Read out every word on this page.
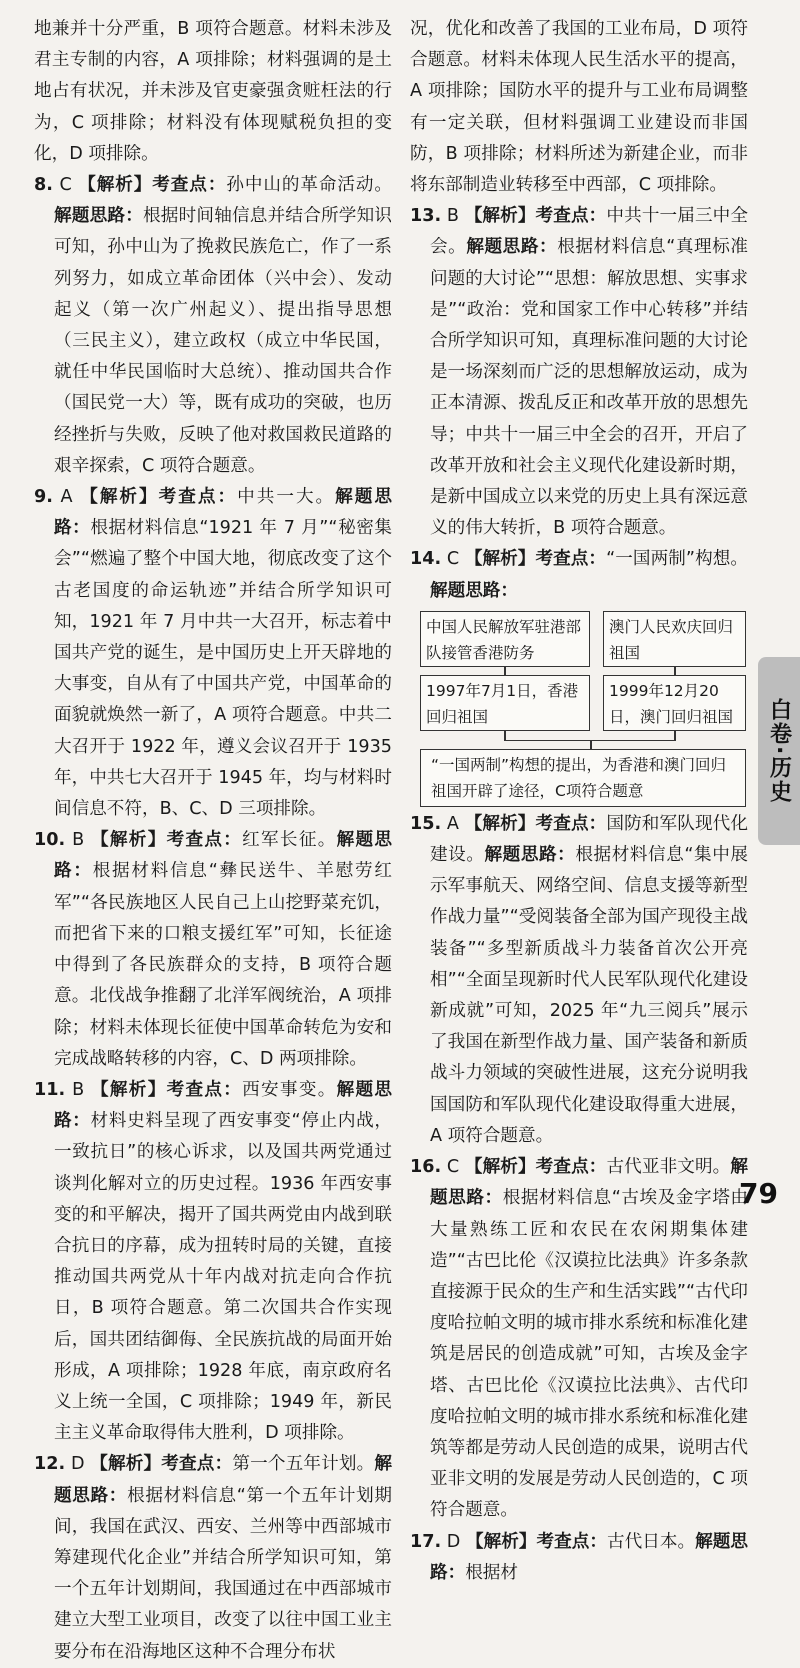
地兼并十分严重，B 项符合题意。材料未涉及君主专制的内容，A 项排除；材料强调的是土地占有状况，并未涉及官吏豪强贪赃枉法的行为，C 项排除；材料没有体现赋税负担的变化，D 项排除。

8. C 【解析】考查点：孙中山的革命活动。解题思路：根据时间轴信息并结合所学知识可知，孙中山为了挽救民族危亡，作了一系列努力，如成立革命团体（兴中会）、发动起义（第一次广州起义）、提出指导思想（三民主义），建立政权（成立中华民国，就任中华民国临时大总统）、推动国共合作（国民党一大）等，既有成功的突破，也历经挫折与失败，反映了他对救国救民道路的艰辛探索，C 项符合题意。

9. A 【解析】考查点：中共一大。解题思路：根据材料信息“1921 年 7 月”“秘密集会”“燃遍了整个中国大地，彻底改变了这个古老国度的命运轨迹”并结合所学知识可知，1921 年 7 月中共一大召开，标志着中国共产党的诞生，是中国历史上开天辟地的大事变，自从有了中国共产党，中国革命的面貌就焕然一新了，A 项符合题意。中共二大召开于 1922 年，遵义会议召开于 1935 年，中共七大召开于 1945 年，均与材料时间信息不符，B、C、D 三项排除。

10. B 【解析】考查点：红军长征。解题思路：根据材料信息“彝民送牛、羊慰劳红军”“各民族地区人民自己上山挖野菜充饥，而把省下来的口粮支援红军”可知，长征途中得到了各民族群众的支持，B 项符合题意。北伐战争推翻了北洋军阀统治，A 项排除；材料未体现长征使中国革命转危为安和完成战略转移的内容，C、D 两项排除。

11. B 【解析】考查点：西安事变。解题思路：材料史料呈现了西安事变“停止内战，一致抗日”的核心诉求，以及国共两党通过谈判化解对立的历史过程。1936 年西安事变的和平解决，揭开了国共两党由内战到联合抗日的序幕，成为扭转时局的关键，直接推动国共两党从十年内战对抗走向合作抗日，B 项符合题意。第二次国共合作实现后，国共团结御侮、全民族抗战的局面开始形成，A 项排除；1928 年底，南京政府名义上统一全国，C 项排除；1949 年，新民主主义革命取得伟大胜利，D 项排除。

12. D 【解析】考查点：第一个五年计划。解题思路：根据材料信息“第一个五年计划期间，我国在武汉、西安、兰州等中西部城市筹建现代化企业”并结合所学知识可知，第一个五年计划期间，我国通过在中西部城市建立大型工业项目，改变了以往中国工业主要分布在沿海地区这种不合理分布状

况，优化和改善了我国的工业布局，D 项符合题意。材料未体现人民生活水平的提高，A 项排除；国防水平的提升与工业布局调整有一定关联，但材料强调工业建设而非国防，B 项排除；材料所述为新建企业，而非将东部制造业转移至中西部，C 项排除。

13. B 【解析】考查点：中共十一届三中全会。解题思路：根据材料信息“真理标准问题的大讨论”“思想：解放思想、实事求是”“政治：党和国家工作中心转移”并结合所学知识可知，真理标准问题的大讨论是一场深刻而广泛的思想解放运动，成为正本清源、拨乱反正和改革开放的思想先导；中共十一届三中全会的召开，开启了改革开放和社会主义现代化建设新时期，是新中国成立以来党的历史上具有深远意义的伟大转折，B 项符合题意。

14. C 【解析】考查点：“一国两制”构想。解题思路：

中国人民解放军驻港部队接管香港防务
澳门人民欢庆回归祖国
1997年7月1日，香港回归祖国
1999年12月20日，澳门回归祖国
“一国两制”构想的提出，为香港和澳门回归祖国开辟了途径，C项符合题意

15. A 【解析】考查点：国防和军队现代化建设。解题思路：根据材料信息“集中展示军事航天、网络空间、信息支援等新型作战力量”“受阅装备全部为国产现役主战装备”“多型新质战斗力装备首次公开亮相”“全面呈现新时代人民军队现代化建设新成就”可知，2025 年“九三阅兵”展示了我国在新型作战力量、国产装备和新质战斗力领域的突破性进展，这充分说明我国国防和军队现代化建设取得重大进展，A 项符合题意。

16. C 【解析】考查点：古代亚非文明。解题思路：根据材料信息“古埃及金字塔由大量熟练工匠和农民在农闲期集体建造”“古巴比伦《汉谟拉比法典》许多条款直接源于民众的生产和生活实践”“古代印度哈拉帕文明的城市排水系统和标准化建筑是居民的创造成就”可知，古埃及金字塔、古巴比伦《汉谟拉比法典》、古代印度哈拉帕文明的城市排水系统和标准化建筑等都是劳动人民创造的成果，说明古代亚非文明的发展是劳动人民创造的，C 项符合题意。

17. D 【解析】考查点：古代日本。解题思路：根据材

白卷·历史
79
